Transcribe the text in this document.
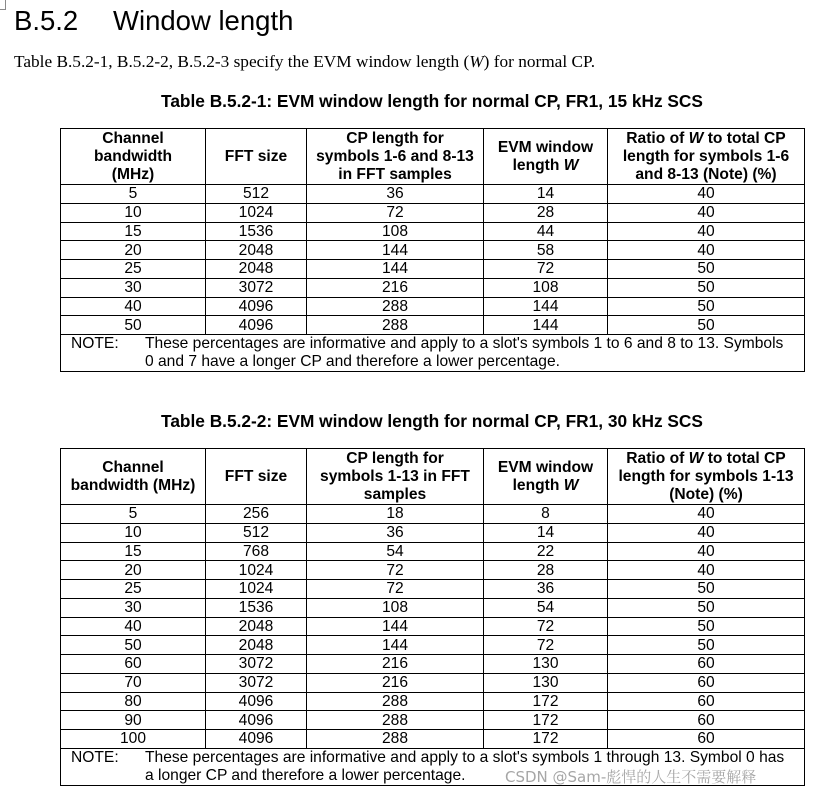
B.5.2 Window length
Table B.5.2-1, B.5.2-2, B.5.2-3 specify the EVM window length (W) for normal CP.
Table B.5.2-1: EVM window length for normal CP, FR1, 15 kHz SCS
Channel bandwidth (MHz)	FFT size	CP length for symbols 1-6 and 8-13 in FFT samples	EVM window length W	Ratio of W to total CP length for symbols 1-6 and 8-13 (Note) (%)
5	512	36	14	40
10	1024	72	28	40
15	1536	108	44	40
20	2048	144	58	40
25	2048	144	72	50
30	3072	216	108	50
40	4096	288	144	50
50	4096	288	144	50

NOTE: These percentages are informative and apply to a slot's symbols 1 to 6 and 8 to 13. Symbols 0 and 7 have a longer CP and therefore a lower percentage.				
Table B.5.2-2: EVM window length for normal CP, FR1, 30 kHz SCS
Channel bandwidth (MHz)	FFT size	CP length for symbols 1-13 in FFT samples	EVM window length W	Ratio of W to total CP length for symbols 1-13 (Note) (%)
5	256	18	8	40
10	512	36	14	40
15	768	54	22	40
20	1024	72	28	40
25	1024	72	36	50
30	1536	108	54	50
40	2048	144	72	50
50	2048	144	72	50
60	3072	216	130	60
70	3072	216	130	60
80	4096	288	172	60
90	4096	288	172	60
100	4096	288	172	60

NOTE: These percentages are informative and apply to a slot's symbols 1 through 13. Symbol 0 has a longer CP and therefore a lower percentage.					CSDN @Sam-彪悍的人生不需要解释
